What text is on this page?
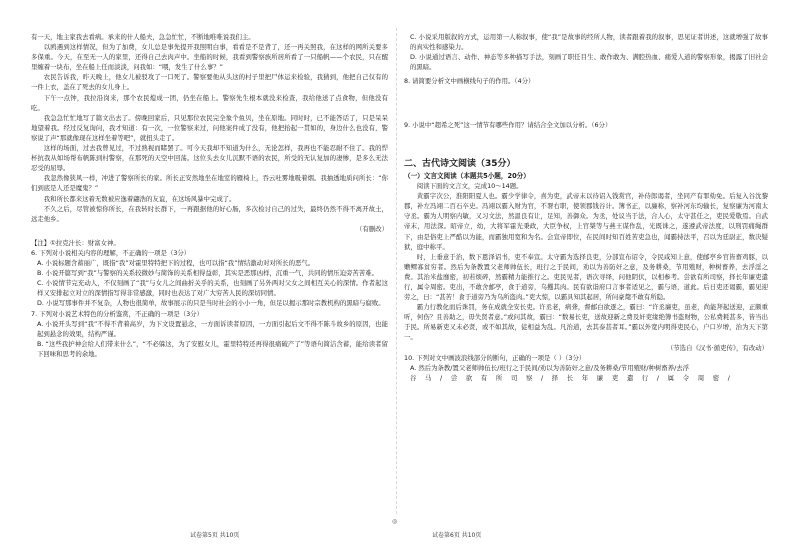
有一天，地主家我去看病。承来的什人船夫，急急忙忙，不断地唯唯说我们主。

以鸥遇到这样情况，但为了加费，女儿总是事先提开我照明白事，看看是不是背了，还一再关照我，在这样的网所关要多多保重。今天，在至无一人的家里，还得自己去肉声中。坐船的时候，我看到警察族所居所看了一只船帆——个农民，只在醒里缠着一块布，坐在船上任而淡淡，问我如：“喂，发生了什么事？”

农民告诉我，昨天晚上，他女儿被驳攻了一口死了。警察要他从头这的村子里把尸体运来检验，我猜到，他把自己仅有的一件上衣，盖在了死去的女儿身上。

下午一点钟，我拉沿岗来，那个农民熄成一团，仍坐在船上。警察先生根本就没来检查，我给他送了点食物，但他没有吃。

我急急忙忙地写了篇文出去了。傍晚回家后，只见那位农民完全象个鱼贝，坐在原地。同时时，已不能答话了，只是呆呆地望着我。经过反复询问，我才知道：有一次，一位警察来过，问他案件成了没有，他把抬起一贯如的，身边什么也没有，警察说了声“那就像现在这样坐着等吧”，就扭头走了。

这样的场面，过去我曾见过，不过熟视而睹罢了。可今天我却不知道为什么，无论怎样，我再也不能忍耐不住了。我的悍杯抗我从如场帮布帆陈到村警察，在那死的天空中回荡。这位头去女儿沉默不语的农民，所受的无认复加的凄惨，是多么无法忍受的屈辱。

我忽然像狭风一样，冲进了警察所长的家。所长正安然地坐在地室的雁椅上，吞云吐雾地吸着烟。我抽透地质问所长：“你们到底是人还是魔鬼？”

我和所长都来这着无数被应逸着翩浩的友谊，在这场风暴中完成了。

不久之后，尽管被惊你所长，在我转时长群下，一再跟据他的好心肠，多次检讨自己的过失，最终仍然不得不离开故土，远走他乡。

（有删改）

【注】①拉克汁长：财富女神。

6. 下列对小说相关内容的理解，不正确的一项是（3分）

A. 小说标题含蓄丽广，既指“我”对霍里特特把下的过程，也可以指“我”情结激动对对所长的恶气。

B. 小说开篇写到“我”与警察的关系较微妙与简饰的关系相得益彰，其实是恶那凶样，沉重一气，共同的情压迫旁苦苦难。

C. 小说情节完充动人，不仅刻画了“我”与女儿之间曲折关乎的关系，也刻画了另外两对父女之间相互关心的深情。作者起这样又安排起立对立的深情指写得非常感激，同时也表达了对广大穷苦人民的深切同情。

D. 小说写那事件并不复杂，人物也很简单，故事展示的只是当时社会的小小一角，但足以揭示那时宗教机构的黑暗与腐败。

7. 下列对小说艺术特色的分析鉴赏，不正确的一项是（3分）

A. 小说开头写到“我”不得不背着高岁，为下文设置悬念，一方面诉读者原因，一方面引起后文不得不陈斗故乡的原因，也能起到悬念的效果，结构严谨。

B. “这些我护神会给人们带来什么”，“不必躲这，为了安慰女儿，霍里特特还再得很痛破产了”等语句简洁含蓄，能给读者留下回味和思考的余地。

试卷第5页 共10页

C. 小说采用版叙的方式，运用第一人称叙事，使“我”是故事的经所人物，读者跟着我的叙事，思见证者讲述，这就增强了故事的真实性和感染力。

D. 小说通过语言、动作、神态等多种描写手法，刻画了职任目生、敢作敢为、满腔热血、痛爱人道的警察形象，揭露了旧社会的黑暗。

8. 请简要分析文中画横线句子的作用。（4分）

9. 小说中“超希之死”这一情节有哪些作用？请结合全文加以分析。（6分）

二、古代诗文阅读（35分）
（一）文言文阅读（本题共5小题，20分）

阅读下面的文言文，完成10～14题。

黄霸字次公，淮阳阳夏人也。霸少学律令，喜为吏，武帝末以待诏入钱赏官，补侍郎谒者，坐同产有罪劾免。后复入谷沈黎郡，补左冯翊二百石卒史。冯翊以霸入财为官，不署右职，使领郡钱谷计。簿书正，以廉称，察补河东均输长，复察廉为河南太守丞。霸为人明察内敏，又习文法，然温良有让，足知，善御众。为丞，处议当于法，合人心，太守甚任之，吏民爱敬焉。自武帝末，用法深。昭帝立，幼，大将军霍光秉政，大臣争权，上官桀等与燕王谋作乱，光既诛之，遂遵武帝法度，以刑罚痛绳群下，由是俗吏上严酷以为能，而霸独用宽和为名。会宣帝即位，在民间时知百姓苦吏急也，闻霸持法平，召以为廷尉正，数决疑狱，庭中称平。

时，上垂意于治，数下恩泽诏书，吏不奉宣。太守霸为选择良吏，分部宣布诏令，令民咸知上意，使邮亭乡官皆畜鸡豚，以赡鳏寡贫穷者。然后为条教置父老师帅伍长，班行之于民间，劝以为善防奸之意，及务耕桑，节用殖财，种树畜养，去浮淫之费。其治米盐靡密，初若烦碎，然霸精力能推行之。吏民见者，语次寻绎，问他阴伏，以相参考。尝欲有所司察，择长年廉吏遣行，属令周密。吏出，不敢舍邮亭，食于道旁，乌攫其肉。民有欲诣府口言事者适见之，霸与语，道此。后日吏还谒霸，霸见迎劳之，曰：“甚苦！食于道旁乃为乌所盗肉。”吏大惊，以霸具知其起居，所问豪氂不敢有所隐。

霸力行教化而后诛罚，务在成就全安长吏。许丞老，病聋，督邮白欲逐之，霸曰：“许丞廉吏，虽老，尚能拜起送迎，正颇重听，何伤？且善助之，毋失贤者意。”或问其故，霸曰：“数易长吏，送故迎新之费及奸吏缘绝簿书盗财物，公私费耗甚多，皆当出于民。所易新吏又未必贤，或不如其故，徒相益为乱。凡治道，去其泰甚者耳。”霸以外宽内明得吏民心，户口岁增，治为天下第一。

（节选自《汉书·循吏传》，有改动）

10. 下列对文中画波浪线部分的断句，正确的一项是（ ）（3分）

A. 然后为条教/置父老师帅伍长/班行之于民间/劝以为善防奸之意/及务耕桑/节用殖财/种树畜养/去浮

谷 马 / 尝 欲 有 所 司 察 / 择 长 年 廉 吏 遣 行 / 属 令 周 密 /

试卷第6页 共10页
◎
